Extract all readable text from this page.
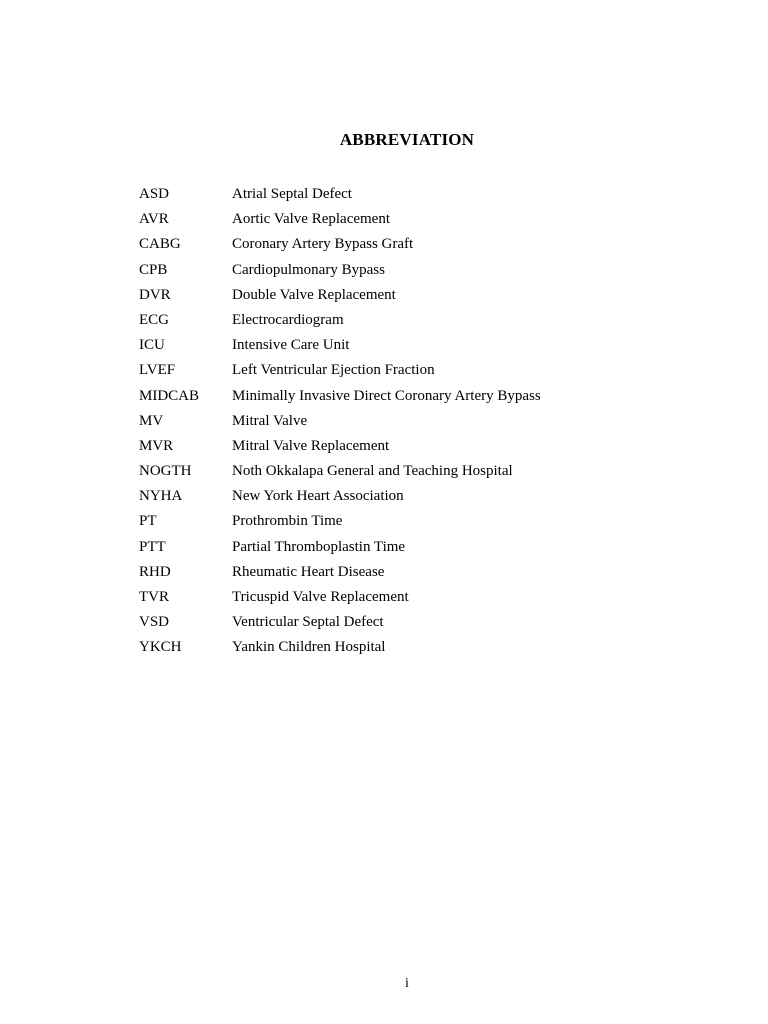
ABBREVIATION
ASD	Atrial Septal Defect
AVR	Aortic Valve Replacement
CABG	Coronary Artery Bypass Graft
CPB	Cardiopulmonary Bypass
DVR	Double Valve Replacement
ECG	Electrocardiogram
ICU	Intensive Care Unit
LVEF	Left Ventricular Ejection Fraction
MIDCAB	Minimally Invasive Direct Coronary Artery Bypass
MV	Mitral Valve
MVR	Mitral Valve Replacement
NOGTH	Noth Okkalapa General and Teaching Hospital
NYHA	New York Heart Association
PT	Prothrombin Time
PTT	Partial Thromboplastin Time
RHD	Rheumatic Heart Disease
TVR	Tricuspid Valve Replacement
VSD	Ventricular Septal Defect
YKCH	Yankin Children Hospital
i
